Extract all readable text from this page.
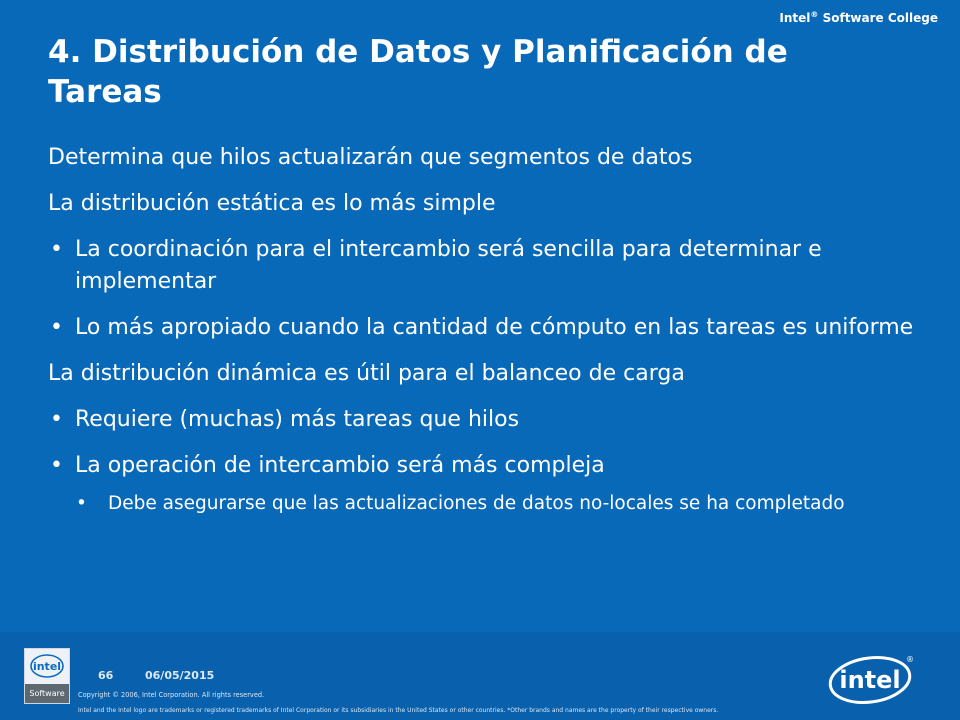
Intel® Software College
4. Distribución de Datos y Planificación de Tareas

Determina que hilos actualizarán que segmentos de datos

La distribución estática es lo más simple

• La coordinación para el intercambio será sencilla para determinar e implementar

• Lo más apropiado cuando la cantidad de cómputo en las tareas es uniforme

La distribución dinámica es útil para el balanceo de carga

• Requiere (muchas) más tareas que hilos

• La operación de intercambio será más compleja

• Debe asegurarse que las actualizaciones de datos no-locales se ha completado

intel
Software
66	06/05/2015
Copyright © 2006, Intel Corporation. All rights reserved.
Intel and the Intel logo are trademarks or registered trademarks of Intel Corporation or its subsidiaries in the United States or other countries. *Other brands and names are the property of their respective owners.
intel
®
